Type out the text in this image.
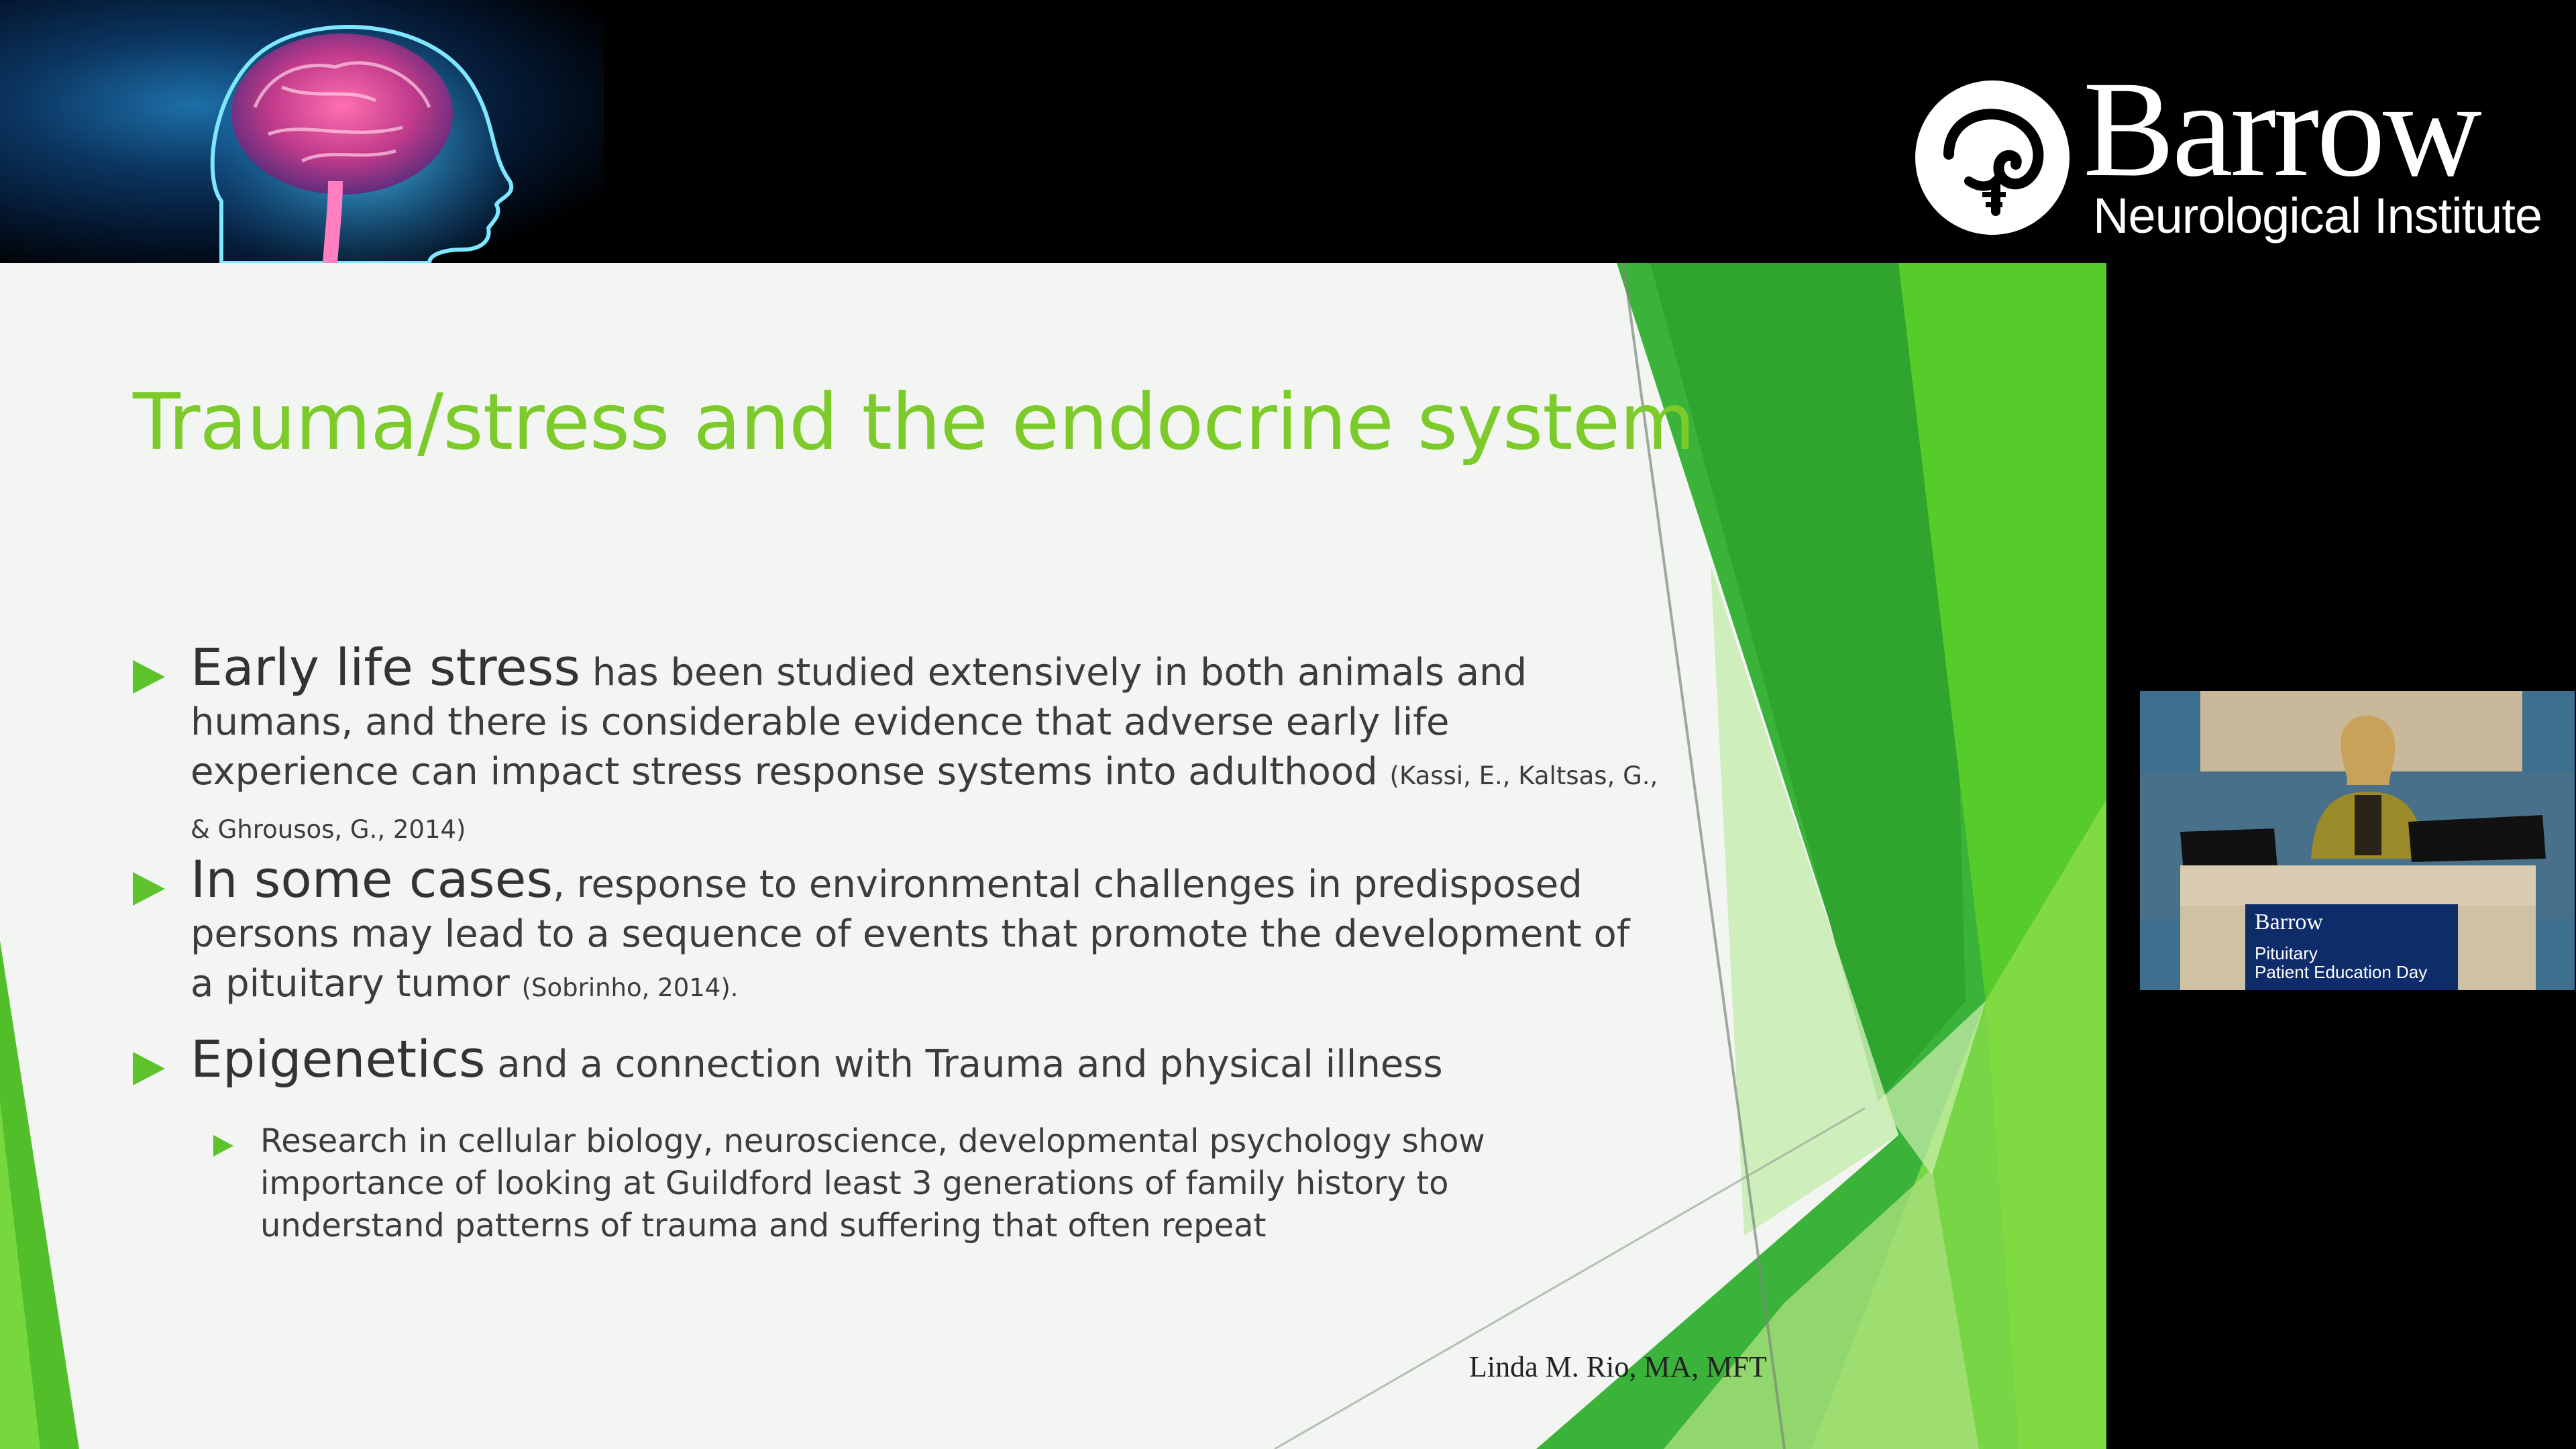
Barrow
Neurological Institute
Trauma/stress and the endocrine system
Early life stress has been studied extensively in both animals and humans, and there is considerable evidence that adverse early life experience can impact stress response systems into adulthood (Kassi, E., Kaltsas, G., & Ghrousos, G., 2014)
In some cases, response to environmental challenges in predisposed persons may lead to a sequence of events that promote the development of a pituitary tumor (Sobrinho, 2014).
Epigenetics and a connection with Trauma and physical illness
Research in cellular biology, neuroscience, developmental psychology show importance of looking at Guildford least 3 generations of family history to understand patterns of trauma and suffering that often repeat
Linda M. Rio, MA, MFT
Barrow
Pituitary
Patient Education Day
